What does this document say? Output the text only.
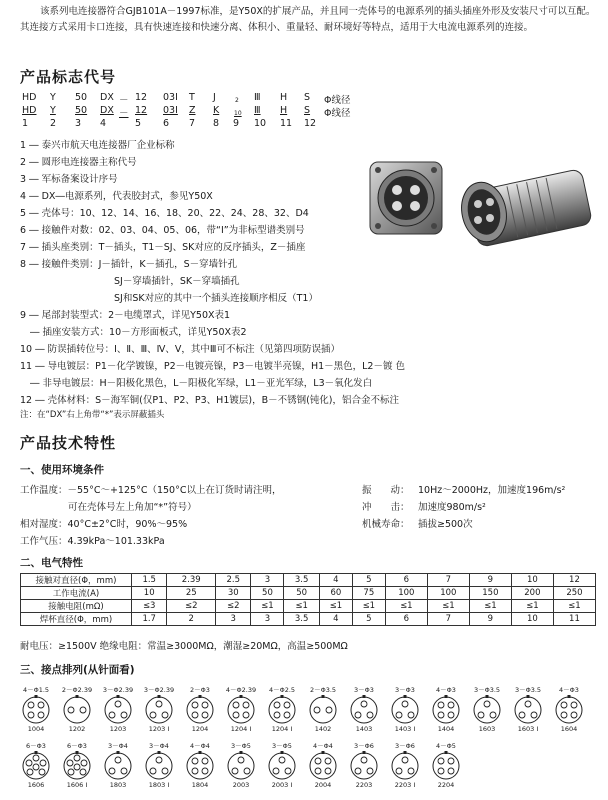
该系列电连接器符合GJB101A－1997标准，是Y50X的扩展产品，并且同一壳体号的电源系列的插头插座外形及安装尺寸可以互配。其连接方式采用卡口连接，具有快速连接和快速分离、体积小、重量轻、耐环境好等特点，适用于大电流电源系列的连接。
产品标志代号
HD Y 50 DX － 12 03I T J	2 Ⅲ H S Φ线径
HD Y 50 DX － 12 03I Z K 10 Ⅲ H S Φ线径
1 2 3 4	5 6 7 8 9 10 11 12
1 ― 泰兴市航天电连接器厂企业标称
2 ― 圆形电连接器主称代号
3 ― 军标备案设计序号
4 ― DX―电源系列，代表胶封式，参见Y50X
5 ― 壳体号：10、12、14、16、18、20、22、24、28、32、D4
6 ― 接触件对数：02、03、04、05、06，带“I”为非标型谱类别号
7 ― 插头座类别：T－插头，T1－SJ、SK对应的反序插头，Z－插座
8 ― 接触件类别：J－插针，K－插孔，S－穿墙针孔
SJ－穿墙插针，SK－穿墙插孔
SJ和SK对应的其中一个插头连接顺序相反（T1）
9 ― 尾部封装型式：2－电缆罩式，详见Y50X表1
― 插座安装方式：10－方形面板式，详见Y50X表2
10 ― 防误插转位号：Ⅰ、Ⅱ、Ⅲ、Ⅳ、Ⅴ，其中Ⅲ可不标注（见第四项防误插）
11 ― 导电镀层：P1－化学镀镍，P2－电镀亮镍，P3－电镀半亮镍，H1－黑色，L2－镀 色
― 非导电镀层：H－阳极化黑色，L－阳极化军绿，L1－亚光军绿，L3－氧化发白
12 ― 壳体材料：S－海军铜(仅P1、P2、P3、H1镀层)，B－不锈钢(钝化)，铝合金不标注
注：在“DX”右上角带“*”表示屏蔽插头
产品技术特性
一、使用环境条件
工作温度：－55°C～+125°C（150°C以上在订货时请注明，
可在壳体号左上角加“*”符号）
相对湿度：40°C±2°C时，90%～95%
工作气压：4.39kPa～101.33kPa
振　　动： 10Hz～2000Hz，加速度196m/s²
冲　　击： 加速度980m/s²
机械寿命： 插拔≥500次
二、电气特性
接触对直径(Φ，mm)	1.5	2.39	2.5	3	3.5	4	5	6	7	9	10	12
工作电流(A)	10	25	30	50	50	60	75	100	100	150	200	250
接触电阻(mΩ)	≤3	≤2	≤2	≤1	≤1	≤1	≤1	≤1	≤1	≤1	≤1	≤1
焊杯直径(Φ，mm)	1.7	2	3	3	3.5	4	5	6	7	9	10	11
耐电压：≥1500V 绝缘电阻：常温≥3000MΩ，潮湿≥20MΩ，高温≥500MΩ
三、接点排列(从针面看)
4－Φ1.5
1004
2－Φ2.39
1202
3－Φ2.39
1203
3－Φ2.39
1203 I
2－Φ3
1204
4－Φ2.39
1204 I
4－Φ2.5
1204 I
2－Φ3.5
1402
3－Φ3
1403
3－Φ3
1403 I
4－Φ3
1404
3－Φ3.5
1603
3－Φ3.5
1603 I
4－Φ3
1604
6－Φ3
1606
6－Φ3
1606 I
3－Φ4
1803
3－Φ4
1803 I
4－Φ4
1804
3－Φ5
2003
3－Φ5
2003 I
4－Φ4
2004
3－Φ6
2203
3－Φ6
2203 I
4－Φ5
2204
